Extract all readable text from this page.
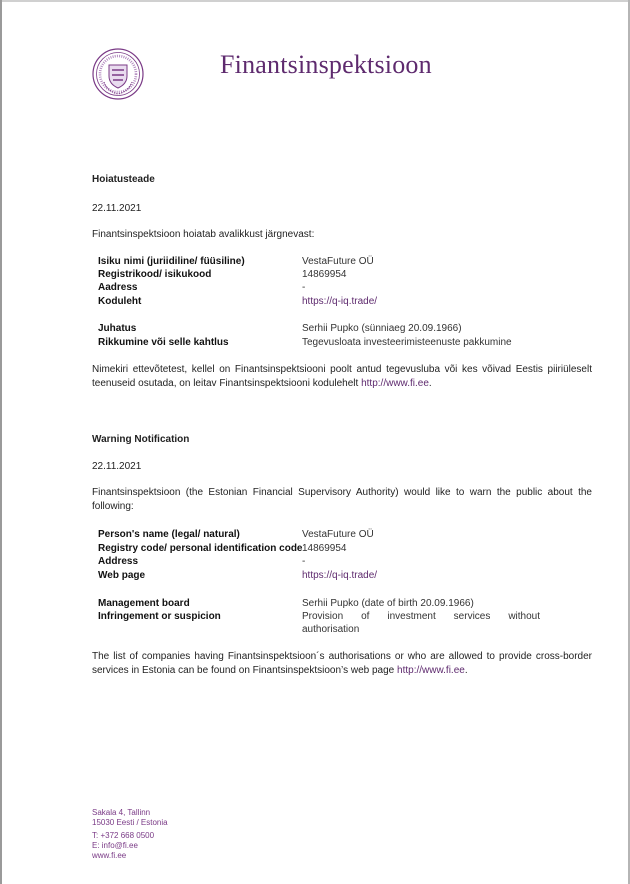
Finantsinspektsioon
Hoiatusteade
22.11.2021
Finantsinspektsioon hoiatab avalikkust järgnevast:
Isiku nimi (juriidiline/ füüsiline)	VestaFuture OÜ
Registrikood/ isikukood	14869954
Aadress	-
Koduleht	https://q-iq.trade/
Juhatus	Serhii Pupko (sünniaeg 20.09.1966)
Rikkumine või selle kahtlus	Tegevusloata investeerimisteenuste pakkumine
Nimekiri ettevõtetest, kellel on Finantsinspektsiooni poolt antud tegevusluba või kes võivad Eestis piiriüleselt teenuseid osutada, on leitav Finantsinspektsiooni kodulehelt http://www.fi.ee.
Warning Notification
22.11.2021
Finantsinspektsioon (the Estonian Financial Supervisory Authority) would like to warn the public about the following:
Person's name (legal/ natural)	VestaFuture OÜ
Registry code/ personal identification code 14869954
Address	-
Web page	https://q-iq.trade/
Management board	Serhii Pupko (date of birth 20.09.1966)
Infringement or suspicion	Provision of investment services without authorisation
The list of companies having Finantsinspektsioon´s authorisations or who are allowed to provide cross-border services in Estonia can be found on Finantsinspektsioon’s web page http://www.fi.ee.
Sakala 4, Tallinn
15030 Eesti / Estonia
T: +372 668 0500
E: info@fi.ee
www.fi.ee
